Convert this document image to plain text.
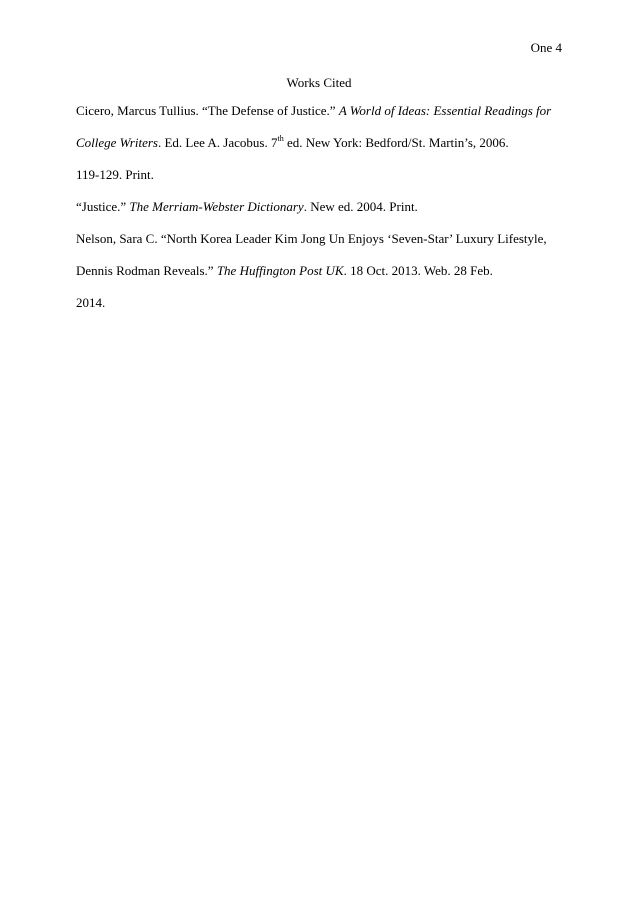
One 4
Works Cited

Cicero, Marcus Tullius. “The Defense of Justice.” A World of Ideas: Essential Readings for
College Writers. Ed. Lee A. Jacobus. 7th ed. New York: Bedford/St. Martin’s, 2006.
119-129. Print.

“Justice.” The Merriam-Webster Dictionary. New ed. 2004. Print.

Nelson, Sara C. “North Korea Leader Kim Jong Un Enjoys ‘Seven-Star’ Luxury Lifestyle,
Dennis Rodman Reveals.” The Huffington Post UK. 18 Oct. 2013. Web. 28 Feb.
2014.
